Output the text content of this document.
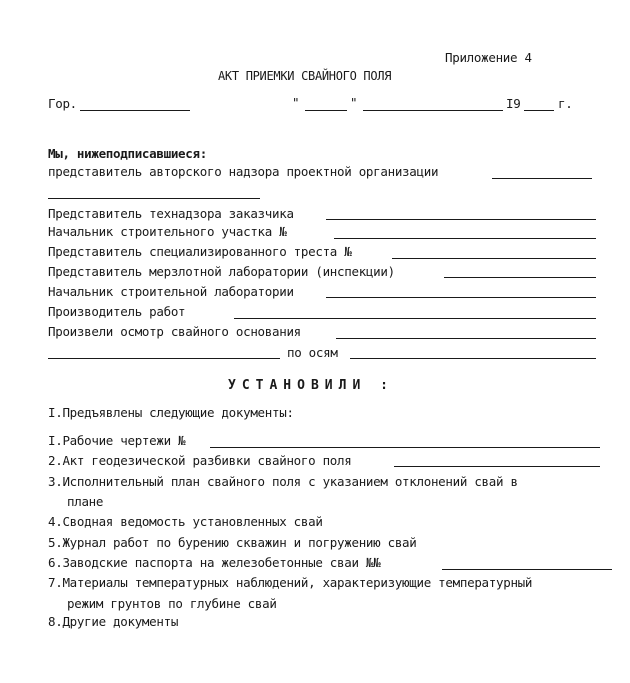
Приложение 4
АКТ ПРИЕМКИ СВАЙНОГО ПОЛЯ
Гор.	"	"	I9	г.
Мы, нижеподписавшиеся:
представитель авторского надзора проектной организации
Представитель технадзора заказчика
Начальник строительного участка №
Представитель специализированного треста №
Представитель мерзлотной лаборатории (инспекции)
Начальник строительной лаборатории
Производитель работ
Произвели осмотр свайного основания
по осям
УСТАНОВИЛИ :
I.Предъявлены следующие документы:
I.Рабочие чертежи №
2.Акт геодезической разбивки свайного поля
3.Исполнительный план свайного поля с указанием отклонений свай в
плане
4.Сводная ведомость установленных свай
5.Журнал работ по бурению скважин и погружению свай
6.Заводские паспорта на железобетонные сваи №№
7.Материалы температурных наблюдений, характеризующие температурный
режим грунтов по глубине свай
8.Другие документы
